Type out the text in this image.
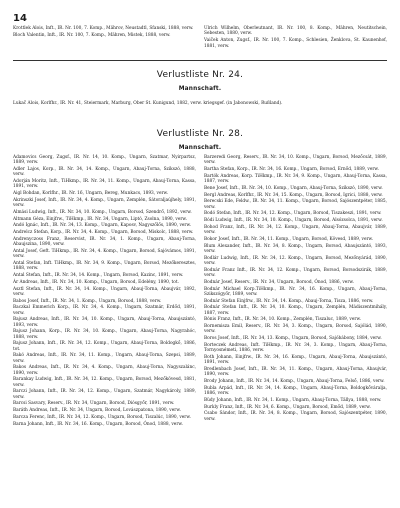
14

Krottlek Alois, Inft., IR. Nr. 100, 7. Komp., Mährov, Neustadtl, Sfanski, 1888, verw.

Bloch Valentin, Inft., IR. Nr. 100, 7. Komp., Mähren, Mistek, 1888, verw.

Ulrich Wilhelm, Oberleutnant, IR. Nr. 100, 8. Komp., Mähren, Neutitschein, Sebesten, 1880, verw.

Vaiček Anton, Zugsf., IR. Nr. 100, 7. Komp., Schlesien, Ženklova, St. Kaunenhof, 1881, verw.

Verlustliste Nr. 24.
Mannschaft.

Lukač Alois, Korlfhr., IR. Nr. 41, Steiermark, Marburg, Ober St. Kunigund, 1882, verw. kriegsgef. (in Jabonowski, Rußland).

Verlustliste Nr. 28.
Mannschaft.

Adamovics Georg, Zugsf., IR. Nr. 14, 10. Komp., Ungarn, Szatmar, Nyirpartsz, 1889, verw.

Adler Lajos, Korp., IR. Nr. 34, 14. Komp., Ungarn, Abauj-Torna, Szikszó, 1888, verw.

Adorján Moritz, Inft., TiHkmp., IR. Nr. 34, 11. Komp., Ungarn, Abauj-Torna, Kassa, 1891, verw.

Aigl Bohdan, Korlfhr., IR. Nr. 16, Ungarn, Bereg, Munkacs, 1893, verw.

Akrinszki Josef, Inft., IR. Nr. 34, 4. Komp., Ungarn, Zemplén, Sátoraljaújhely, 1891, verw.

Almási Ludwig, Inft., IR. Nr. 34, 10. Komp., Ungarn, Borsod, Szendrő, 1892, verw.

Altmann Géza, Einjfrw., TiHkmp., IR. Nr. 34, Ungarn, Liptó, Zsolna, 1890, verw.

Andó Ignác, Inft., IR. Nr. 34, 13. Komp., Ungarn, Kaposv, Nagyszőlős, 1890, verw.

Andrelcz Stefan, Korp., IR. Nr. 34, 4. Komp., Ungarn, Borsod, Miskolc, 1888, verw.

Andrenyczoss Franz, Reservist, IR. Nr. 34, 1. Komp., Ungarn, Abauj-Torna, Abaujszina, 1890, verw.

Antal Josef, Geft. TiHkmp., IR. Nr. 34, 4. Komp., Ungarn, Borsod, Sajóvámos, 1891, verw.

Antal Stefan, Inft. TiHkmp., IR. Nr. 34, 9. Komp., Ungarn, Borsod, Mezőkeresztes, 1888, verw.

Antal Stefan, Inft., IR. Nr. 34, 14. Komp., Ungarn, Borsod, Kazinc, 1891, verw.

Ár Andreas, Inft., IR. Nr. 34, 10. Komp., Ungarn, Borsod, Edelény, 1890, tot.

Asztl Stefan, Inft., IR. Nr. 34, 14. Komp., Ungarn, Abauj-Torna, Abaujvár, 1892, verw.

Babos Josef, Inft., IR. Nr. 34, 1. Komp., Ungarn, Borsod, 1888, verw.

Baczkal Emmerich Korp., IR. Nr. 34, 4. Komp., Ungarn, Szatmár, Erdőd, 1891, verw.

Bajusz Andreas, Inft., IR. Nr. 34, 10. Komp., Ungarn, Abauj-Torna, Abaujszántó, 1893, verw.

Bajusz Johann, Korp., IR. Nr. 34, 10. Komp., Ungarn, Abauj-Torna, Nagyrahóc, 1888, verw.

Bajusz Johann, Inft., IR. Nr. 34, 12. Komp., Ungarn, Abauj-Torna, Boldogkő, 1886, tot.

Bakó Andreas, Inft., IR. Nr. 34, 11. Komp., Ungarn, Abauj-Torna, Szepsi, 1889, verw.

Bakos Andreas, Inft., IR. Nr. 34, 4. Komp., Ungarn, Abauj-Torna, Nagyszalánc, 1890, verw.

Barankay Ludwig, Inft., IR. Nr. 34, 12. Komp., Ungarn, Borsod, Mezőkövesd, 1881, verw.

Barczi Johann, Inft., IR. Nr. 34, 12. Komp., Ungarn, Szatmár, Nagykároly, 1889, verw.

Barcsi Sasvary, Reserv., IR. Nr. 34, Ungarn, Borsod, Diósgyőr, 1891, verw.

Baráth Andreas, Inft., IR. Nr. 34, Ungarn, Borsod, Lovászpatona, 1890, verw.

Barcza Ferenc, Inft., IR. Nr. 34, 12. Komp., Ungarn, Borsod, Tiszalúc, 1890, verw.

Barna Johann, Inft., IR. Nr. 34, 16. Komp., Ungarn, Borsod, Ónod, 1888, verw.

Barzeredi Georg, Reserv., IR. Nr. 34, 10. Komp., Ungarn, Borsod, Mezőcsát, 1889, verw.

Bartha Stefan, Korp., IR. Nr. 34, 16. Komp., Ungarn, Borsod, Ernőd, 1889, verw.

Bartók Andreas, Korp. TiHkmp., IR. Nr. 34, 9. Komp., Ungarn, Abauj-Torna, Kassa, 1887, verw.

Bene Josef, Inft., IR. Nr. 34, 10. Komp., Ungarn, Abauj-Torna, Szikszó, 1890, verw.

Bergl Andreas, Korlfhr., IR. Nr. 34, 15. Komp., Ungarn, Borsod, Igrici, 1888, verw.

Berecski Ede, Feldw., IR. Nr. 34, 11. Komp., Ungarn, Borsod, Sajószentpéter, 1885, verw.

Bodó Stefan, Inft., IR. Nr. 34, 12. Komp., Ungarn, Borsod, Tiszakeszi, 1891, verw.

Bódi Ludwig, Inft., IR. Nr. 34, 10. Komp., Ungarn, Borsod, Alsózsolca, 1891, verw.

Bohod Franz, Inft., IR. Nr. 34, 12. Komp., Ungarn, Abauj-Torna, Abaujvár, 1889, verw.

Bokor Josef, Inft., IR. Nr. 34, 11. Komp., Ungarn, Borsod, Kövesd, 1889, verw.

Blum Alexander, Inft., IR. Nr. 34, 8. Komp., Ungarn, Borsod, Abaujszántó, 1893, verw.

Bodlár Ludwig, Inft., IR. Nr. 34, 12. Komp., Ungarn, Borsod, Mezőnyárád, 1890, verw.

Bodnár Franz Inft., IR. Nr. 34, 12. Komp., Ungarn, Borsod, Borsodszirák, 1889, verw.

Bodnár Josef, Reserv., IR. Nr. 34, Ungarn, Borsod, Ónod, 1886, verw.

Bodnár Michael Korp.TiHkmp., IR. Nr. 34, 16. Komp., Ungarn, Abauj-Torna, Szikszógyőr, 1889, verw.

Bodnár Stefan Einjfrw., IR. Nr. 34, 14. Komp., Abauj-Torna, Tisza, 1886, verw.

Bodnár Stefan Inft., IR. Nr. 34, 10. Komp., Ungarn, Zemplén, Mádiszentmihály, 1887, verw.

Bónis Franz, Inft., IR. Nr. 34, 10. Komp., Zemplén, Tiszaluc, 1889, verw.

Bornemisza Emil, Reserv., IR. Nr. 34, 3. Komp., Ungarn, Borsod, Sajólád, 1890, verw.

Boros Josef, Inft., IR. Nr. 34, 13. Komp., Ungarn, Borsod, Sajóbábony, 1884, verw.

Borteczek Andreas, Inft. TiHkmp., IR. Nr. 34, 3. Komp., Ungarn, Abauj-Torna, Tornyosnémeti, 1886, verw.

Both Johann, Einjfrw., IR. Nr. 34, 16. Komp., Ungarn, Abauj-Torna, Abaujszántó, 1891, verw.

Bredlenbach Josef, Inft., IR. Nr. 34, 11. Komp., Ungarn, Abauj-Torna, Abaujvár, 1890, verw.

Brody Johann, Inft., IR. Nr. 34, 14. Komp., Ungarn, Abauj-Torna, Felső, 1886, verw.

Bubla Arpád, Inft., IR. Nr. 34, 14. Komp., Ungarn, Abauj-Torna, Boldogkőváralja, 1886, verw.

Büdy Johann, Inft., IR. Nr. 34, 1. Komp., Ungarn, Abauj-Torna, Tállya, 1888, verw.

Burkly Franz, Inft., IR. Nr. 34, 6. Komp., Ungarn, Borsod, Emőd, 1889, verw.

Csabo Sándor, Inft., IR. Nr. 34, 8. Komp., Ungarn, Borsod, Sajószentpéter, 1890, verw.
